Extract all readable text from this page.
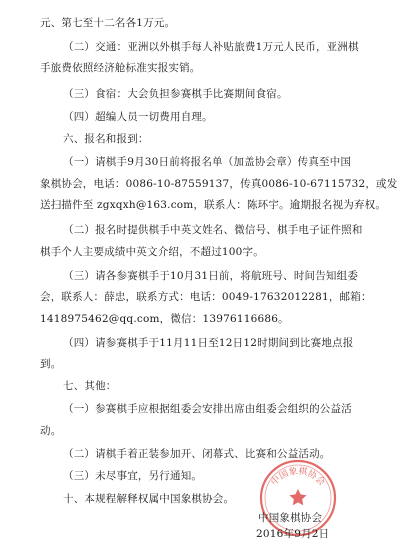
元、第七至十二名各1万元。
（二）交通：亚洲以外棋手每人补贴旅费1万元人民币，亚洲棋
手旅费依照经济舱标准实报实销。
（三）食宿：大会负担参赛棋手比赛期间食宿。
（四）超编人员一切费用自理。
六、报名和报到：
（一）请棋手9月30日前将报名单（加盖协会章）传真至中国
象棋协会，电话：0086-10-87559137，传真0086-10-67115732，或发
送扫描件至 zgxqxh@163.com，联系人：陈环宇。逾期报名视为弃权。
（二）报名时提供棋手中英文姓名、微信号、棋手电子证件照和
棋手个人主要成绩中英文介绍，不超过100字。
（三）请各参赛棋手于10月31日前，将航班号、时间告知组委
会，联系人：薛忠，联系方式：电话：0049-17632012281，邮箱：
1418975462@qq.com，微信：13976116686。
（四）请参赛棋手于11月11日至12日12时期间到比赛地点报
到。
七、其他：
（一）参赛棋手应根据组委会安排出席由组委会组织的公益活
动。
（二）请棋手着正装参加开、闭幕式、比赛和公益活动。
（三）未尽事宜，另行通知。
十、本规程解释权属中国象棋协会。
中国象棋协会
中国象棋协会
2016年9月2日
